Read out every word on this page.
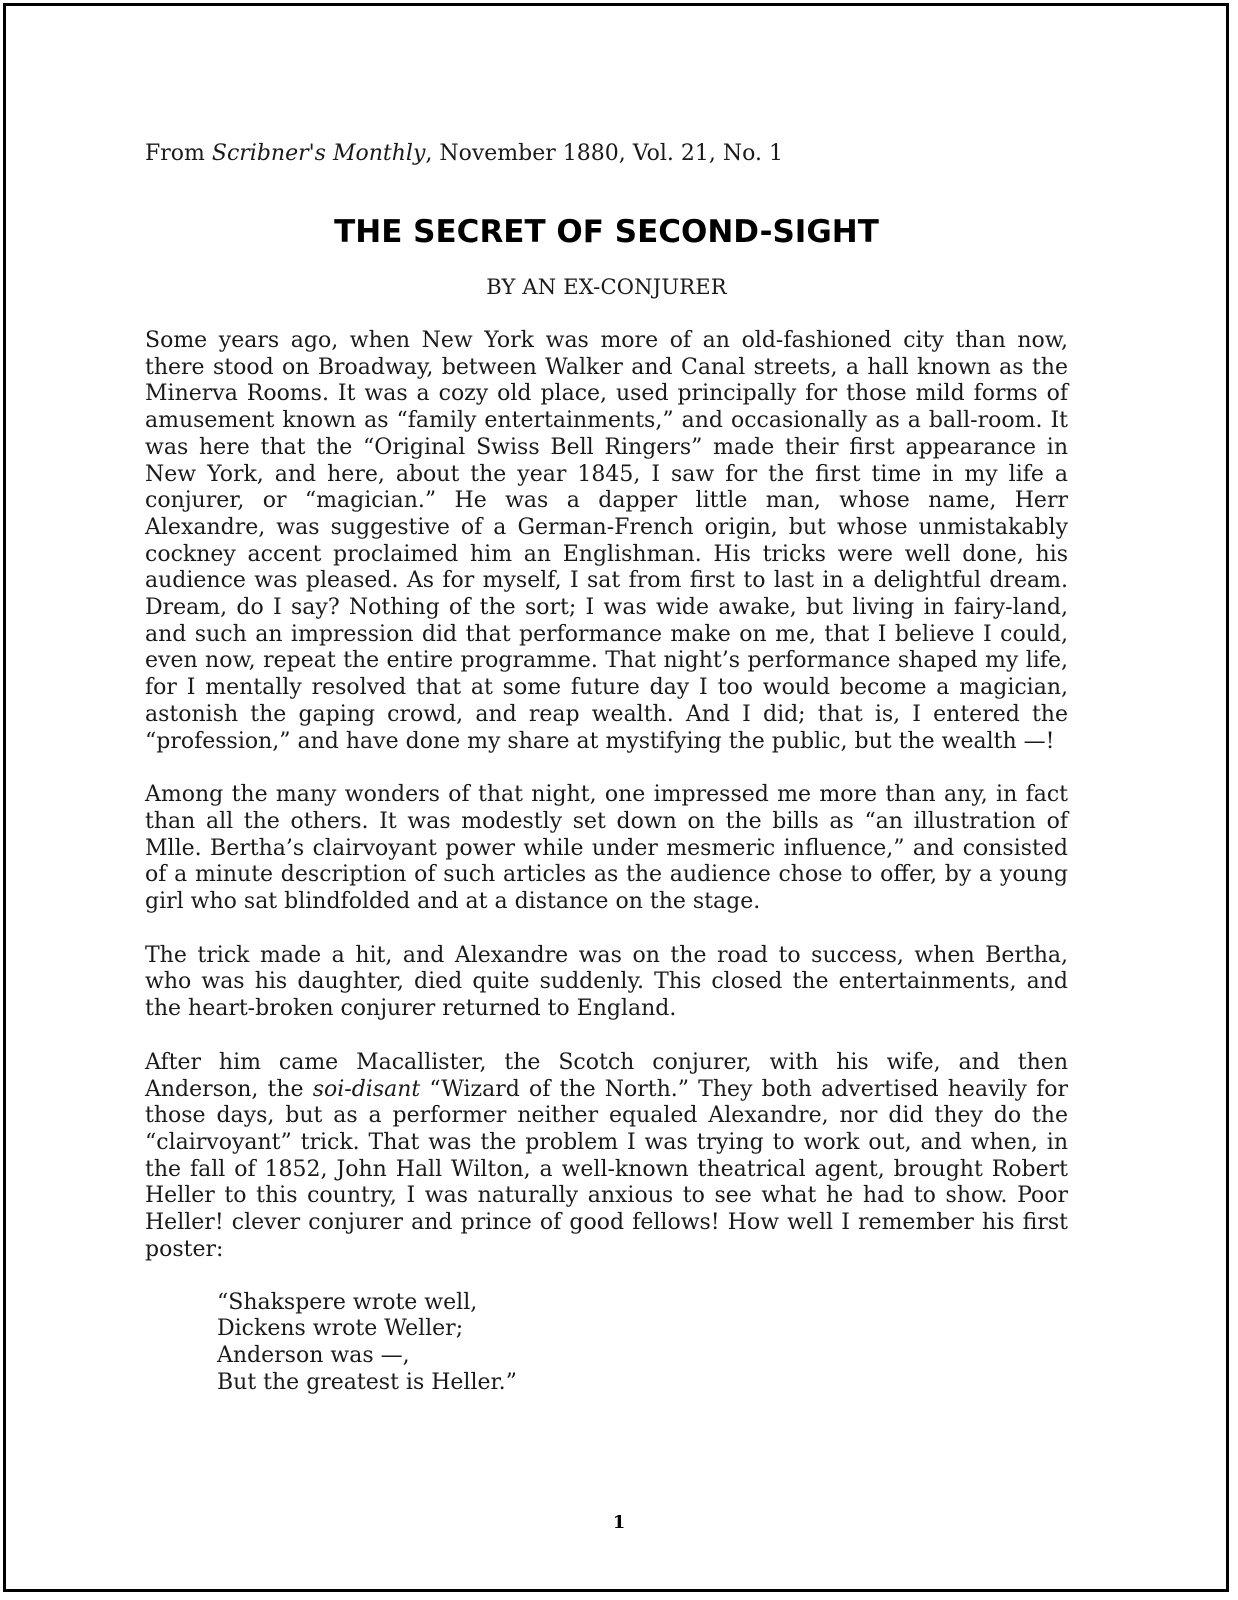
From Scribner's Monthly, November 1880, Vol. 21, No. 1

THE SECRET OF SECOND-SIGHT

BY AN EX-CONJURER

Some years ago, when New York was more of an old-fashioned city than now, there stood on Broadway, between Walker and Canal streets, a hall known as the Minerva Rooms. It was a cozy old place, used principally for those mild forms of amusement known as “family entertainments,” and occasionally as a ball-room. It was here that the “Original Swiss Bell Ringers” made their first appearance in New York, and here, about the year 1845, I saw for the first time in my life a conjurer, or “magician.” He was a dapper little man, whose name, Herr Alexandre, was suggestive of a German-French origin, but whose unmistakably cockney accent proclaimed him an Englishman. His tricks were well done, his audience was pleased. As for myself, I sat from first to last in a delightful dream. Dream, do I say? Nothing of the sort; I was wide awake, but living in fairy-land, and such an impression did that performance make on me, that I believe I could, even now, repeat the entire programme. That night’s performance shaped my life, for I mentally resolved that at some future day I too would become a magician, astonish the gaping crowd, and reap wealth. And I did; that is, I entered the “profession,” and have done my share at mystifying the public, but the wealth —!

Among the many wonders of that night, one impressed me more than any, in fact than all the others. It was modestly set down on the bills as “an illustration of Mlle. Bertha’s clairvoyant power while under mesmeric influence,” and consisted of a minute description of such articles as the audience chose to offer, by a young girl who sat blindfolded and at a distance on the stage.

The trick made a hit, and Alexandre was on the road to success, when Bertha, who was his daughter, died quite suddenly. This closed the entertainments, and the heart-broken conjurer returned to England.

After him came Macallister, the Scotch conjurer, with his wife, and then Anderson, the soi-disant “Wizard of the North.” They both advertised heavily for those days, but as a performer neither equaled Alexandre, nor did they do the “clairvoyant” trick. That was the problem I was trying to work out, and when, in the fall of 1852, John Hall Wilton, a well-known theatrical agent, brought Robert Heller to this country, I was naturally anxious to see what he had to show. Poor Heller! clever conjurer and prince of good fellows! How well I remember his first poster:

“Shakspere wrote well,
Dickens wrote Weller;
Anderson was —,
But the greatest is Heller.”
1
